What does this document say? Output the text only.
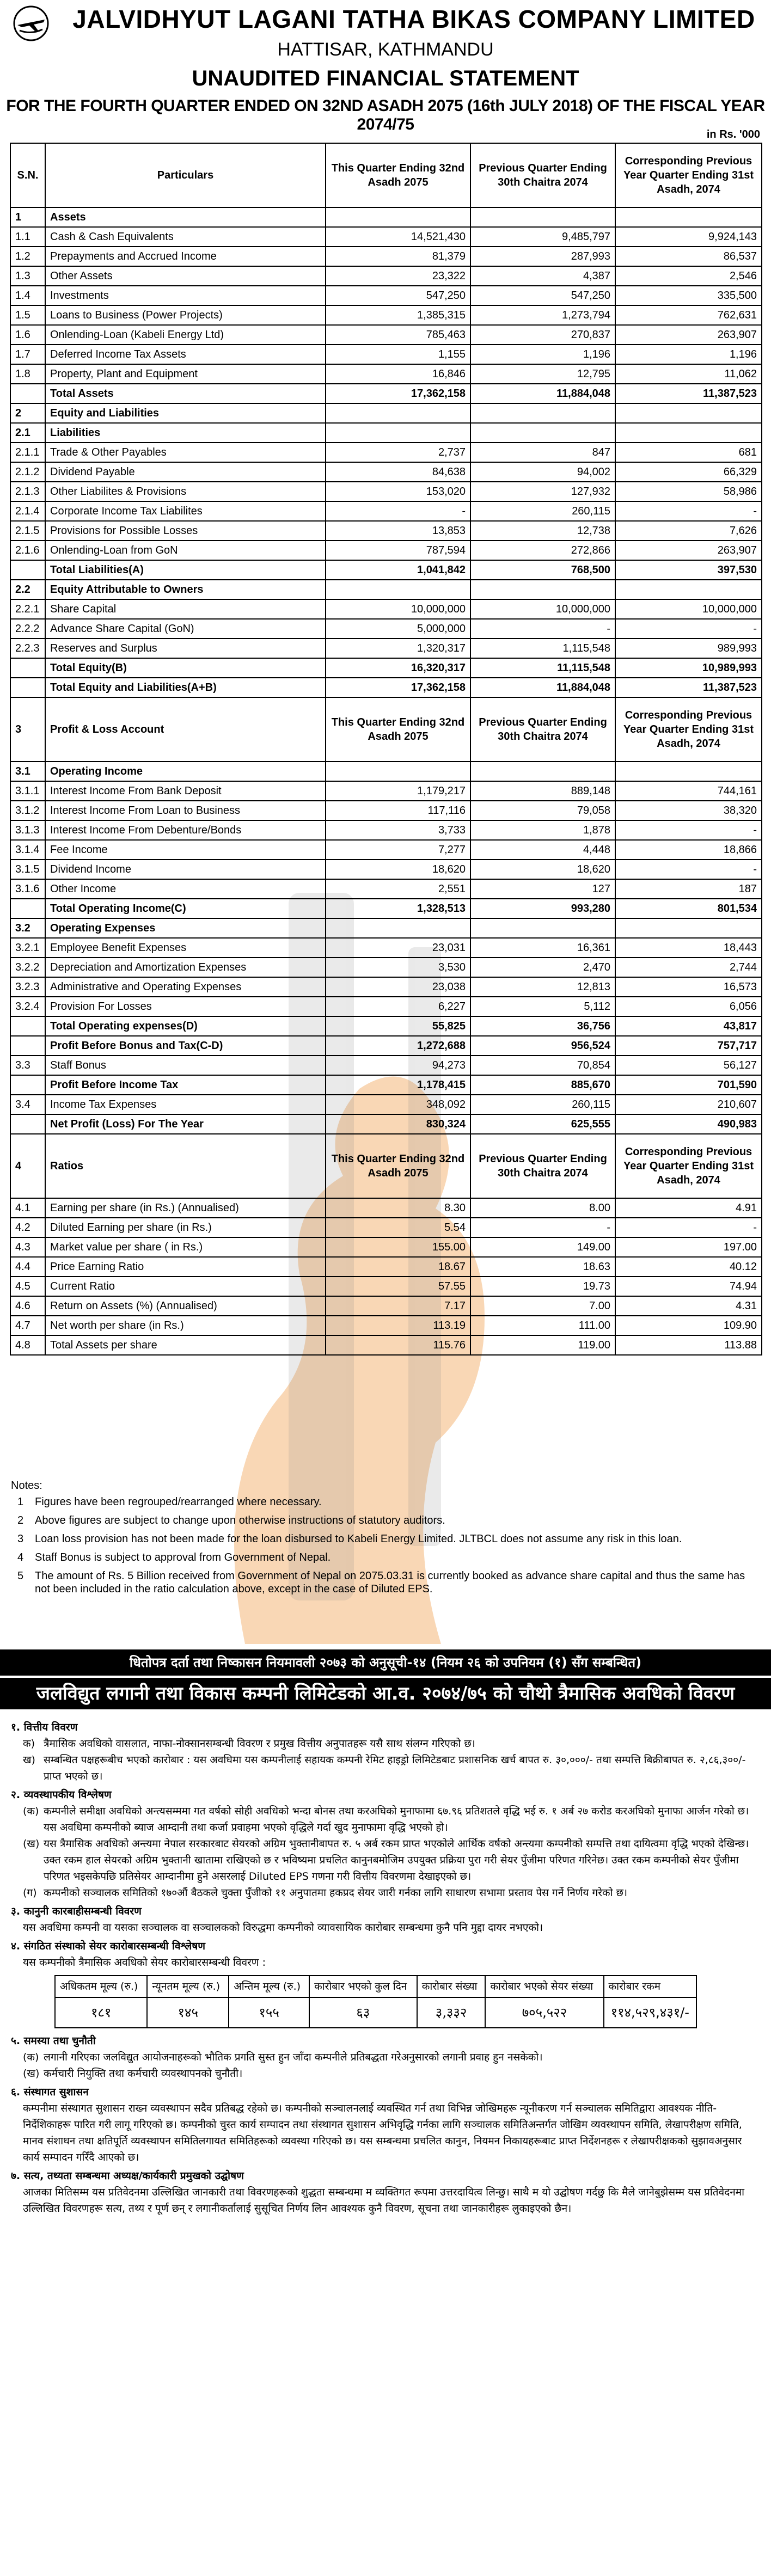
JALVIDHYUT LAGANI TATHA BIKAS COMPANY LIMITED
HATTISAR, KATHMANDU
UNAUDITED FINANCIAL STATEMENT
FOR THE FOURTH QUARTER ENDED ON 32ND ASADH 2075 (16th JULY 2018) OF THE FISCAL YEAR 2074/75
in Rs. '000
S.N.	Particulars	This Quarter Ending 32nd Asadh 2075	Previous Quarter Ending 30th Chaitra 2074	Corresponding Previous Year Quarter Ending 31st Asadh, 2074
1	Assets			
1.1	Cash & Cash Equivalents	14,521,430	9,485,797	9,924,143
1.2	Prepayments and Accrued Income	81,379	287,993	86,537
1.3	Other Assets	23,322	4,387	2,546
1.4	Investments	547,250	547,250	335,500
1.5	Loans to Business (Power Projects)	1,385,315	1,273,794	762,631
1.6	Onlending-Loan (Kabeli Energy Ltd)	785,463	270,837	263,907
1.7	Deferred Income Tax Assets	1,155	1,196	1,196
1.8	Property, Plant and Equipment	16,846	12,795	11,062
	Total Assets	17,362,158	11,884,048	11,387,523
2	Equity and Liabilities			
2.1	Liabilities			
2.1.1	Trade & Other Payables	2,737	847	681
2.1.2	Dividend Payable	84,638	94,002	66,329
2.1.3	Other Liabilites & Provisions	153,020	127,932	58,986
2.1.4	Corporate Income Tax Liabilites	-	260,115	-
2.1.5	Provisions for Possible Losses	13,853	12,738	7,626
2.1.6	Onlending-Loan from GoN	787,594	272,866	263,907
	Total Liabilities(A)	1,041,842	768,500	397,530
2.2	Equity Attributable to Owners			
2.2.1	Share Capital	10,000,000	10,000,000	10,000,000
2.2.2	Advance Share Capital (GoN)	5,000,000	-	-
2.2.3	Reserves and Surplus	1,320,317	1,115,548	989,993
	Total Equity(B)	16,320,317	11,115,548	10,989,993
	Total Equity and Liabilities(A+B)	17,362,158	11,884,048	11,387,523
3	Profit & Loss Account	This Quarter Ending 32nd Asadh 2075	Previous Quarter Ending 30th Chaitra 2074	Corresponding Previous Year Quarter Ending 31st Asadh, 2074
3.1	Operating Income			
3.1.1	Interest Income From Bank Deposit	1,179,217	889,148	744,161
3.1.2	Interest Income From Loan to Business	117,116	79,058	38,320
3.1.3	Interest Income From Debenture/Bonds	3,733	1,878	-
3.1.4	Fee Income	7,277	4,448	18,866
3.1.5	Dividend Income	18,620	18,620	-
3.1.6	Other Income	2,551	127	187
	Total Operating Income(C)	1,328,513	993,280	801,534
3.2	Operating Expenses			
3.2.1	Employee Benefit Expenses	23,031	16,361	18,443
3.2.2	Depreciation and Amortization Expenses	3,530	2,470	2,744
3.2.3	Administrative and Operating Expenses	23,038	12,813	16,573
3.2.4	Provision For Losses	6,227	5,112	6,056
	Total Operating expenses(D)	55,825	36,756	43,817
	Profit Before Bonus and Tax(C-D)	1,272,688	956,524	757,717
3.3	Staff Bonus	94,273	70,854	56,127
	Profit Before Income Tax	1,178,415	885,670	701,590
3.4	Income Tax Expenses	348,092	260,115	210,607
	Net Profit (Loss) For The Year	830,324	625,555	490,983
4	Ratios	This Quarter Ending 32nd Asadh 2075	Previous Quarter Ending 30th Chaitra 2074	Corresponding Previous Year Quarter Ending 31st Asadh, 2074
4.1	Earning per share (in Rs.) (Annualised)	8.30	8.00	4.91
4.2	Diluted Earning per share (in Rs.)	5.54	-	-
4.3	Market value per share ( in Rs.)	155.00	149.00	197.00
4.4	Price Earning Ratio	18.67	18.63	40.12
4.5	Current Ratio	57.55	19.73	74.94
4.6	Return on Assets (%) (Annualised)	7.17	7.00	4.31
4.7	Net worth per share (in Rs.)	113.19	111.00	109.90
4.8	Total Assets per share	115.76	119.00	113.88
Notes:
1	Figures have been regrouped/rearranged where necessary.
2	Above figures are subject to change upon otherwise instructions of statutory auditors.
3	Loan loss provision has not been made for the loan disbursed to Kabeli Energy Limited. JLTBCL does not assume any risk in this loan.
4	Staff Bonus is subject to approval from Government of Nepal.
5	The amount of Rs. 5 Billion received from Government of Nepal on 2075.03.31 is currently booked as advance share capital and thus the same has not been included in the ratio calculation above, except in the case of Diluted EPS.
धितोपत्र दर्ता तथा निष्कासन नियमावली २०७३ को अनुसूची-१४ (नियम २६ को उपनियम (१) सँग सम्बन्धित)
जलविद्युत लगानी तथा विकास कम्पनी लिमिटेडको आ.व. २०७४/७५ को चौथो त्रैमासिक अवधिको विवरण
१. वित्तीय विवरण
क) त्रैमासिक अवधिको वासलात, नाफा-नोक्सानसम्बन्धी विवरण र प्रमुख वित्तीय अनुपातहरू यसै साथ संलग्न गरिएको छ।
ख) सम्बन्धित पक्षहरूबीच भएको कारोबार : यस अवधिमा यस कम्पनीलाई सहायक कम्पनी रेमिट हाइड्रो लिमिटेडबाट प्रशासनिक खर्च बापत रु. ३०,०००/- तथा सम्पत्ति बिक्रीबापत रु. २,८६,३००/- प्राप्त भएको छ।
२. व्यवस्थापकीय विश्लेषण
(क) कम्पनीले समीक्षा अवधिको अन्त्यसम्ममा गत वर्षको सोही अवधिको भन्दा बोनस तथा करअघिको मुनाफामा ६७.९६ प्रतिशतले वृद्धि भई रु. १ अर्ब २७ करोड करअघिको मुनाफा आर्जन गरेको छ। यस अवधिमा कम्पनीको ब्याज आम्दानी तथा कर्जा प्रवाहमा भएको वृद्धिले गर्दा खुद मुनाफामा वृद्धि भएको हो।
(ख) यस त्रैमासिक अवधिको अन्त्यमा नेपाल सरकारबाट सेयरको अग्रिम भुक्तानीबापत रु. ५ अर्ब रकम प्राप्त भएकोले आर्थिक वर्षको अन्त्यमा कम्पनीको सम्पत्ति तथा दायित्वमा वृद्धि भएको देखिन्छ। उक्त रकम हाल सेयरको अग्रिम भुक्तानी खातामा राखिएको छ र भविष्यमा प्रचलित कानुनबमोजिम उपयुक्त प्रक्रिया पुरा गरी सेयर पुँजीमा परिणत गरिनेछ। उक्त रकम कम्पनीको सेयर पुँजीमा परिणत भइसकेपछि प्रतिसेयर आम्दानीमा हुने असरलाई Diluted EPS गणना गरी वित्तीय विवरणमा देखाइएको छ।
(ग) कम्पनीको सञ्चालक समितिको १७०औं बैठकले चुक्ता पुँजीको ११ अनुपातमा हकप्रद सेयर जारी गर्नका लागि साधारण सभामा प्रस्ताव पेस गर्ने निर्णय गरेको छ।
३. कानुनी कारबाहीसम्बन्धी विवरण
यस अवधिमा कम्पनी वा यसका सञ्चालक वा सञ्चालकको विरुद्धमा कम्पनीको व्यावसायिक कारोबार सम्बन्धमा कुनै पनि मुद्दा दायर नभएको।
४. संगठित संस्थाको सेयर कारोबारसम्बन्धी विश्लेषण
यस कम्पनीको त्रैमासिक अवधिको सेयर कारोबारसम्बन्धी विवरण :
अधिकतम मूल्य (रु.)	न्यूनतम मूल्य (रु.)	अन्तिम मूल्य (रु.)	कारोबार भएको कुल दिन	कारोबार संख्या	कारोबार भएको सेयर संख्या	कारोबार रकम
१८१	१४५	१५५	६३	३,३३२	७०५,५२२	११४,५२९,४३१/-
५. समस्या तथा चुनौती
(क) लगानी गरिएका जलविद्युत आयोजनाहरूको भौतिक प्रगति सुस्त हुन जाँदा कम्पनीले प्रतिबद्धता गरेअनुसारको लगानी प्रवाह हुन नसकेको।
(ख) कर्मचारी नियुक्ति तथा कर्मचारी व्यवस्थापनको चुनौती।
६. संस्थागत सुशासन
कम्पनीमा संस्थागत सुशासन राख्न व्यवस्थापन सदैव प्रतिबद्ध रहेको छ। कम्पनीको सञ्चालनलाई व्यवस्थित गर्न तथा विभिन्न जोखिमहरू न्यूनीकरण गर्न सञ्चालक समितिद्वारा आवश्यक नीति-निर्देशिकाहरू पारित गरी लागू गरिएको छ। कम्पनीको चुस्त कार्य सम्पादन तथा संस्थागत सुशासन अभिवृद्धि गर्नका लागि सञ्चालक समितिअन्तर्गत जोखिम व्यवस्थापन समिति, लेखापरीक्षण समिति, मानव संशाधन तथा क्षतिपूर्ति व्यवस्थापन समितिलगायत समितिहरूको व्यवस्था गरिएको छ। यस सम्बन्धमा प्रचलित कानुन, नियमन निकायहरूबाट प्राप्त निर्देशनहरू र लेखापरीक्षकको सुझावअनुसार कार्य सम्पादन गरिँदै आएको छ।
७. सत्य, तथ्यता सम्बन्धमा अध्यक्ष/कार्यकारी प्रमुखको उद्घोषण
आजका मितिसम्म यस प्रतिवेदनमा उल्लिखित जानकारी तथा विवरणहरूको शुद्धता सम्बन्धमा म व्यक्तिगत रूपमा उत्तरदायित्व लिन्छु। साथै म यो उद्घोषण गर्दछु कि मैले जानेबुझेसम्म यस प्रतिवेदनमा उल्लिखित विवरणहरू सत्य, तथ्य र पूर्ण छन् र लगानीकर्तालाई सुसूचित निर्णय लिन आवश्यक कुनै विवरण, सूचना तथा जानकारीहरू लुकाइएको छैन।
